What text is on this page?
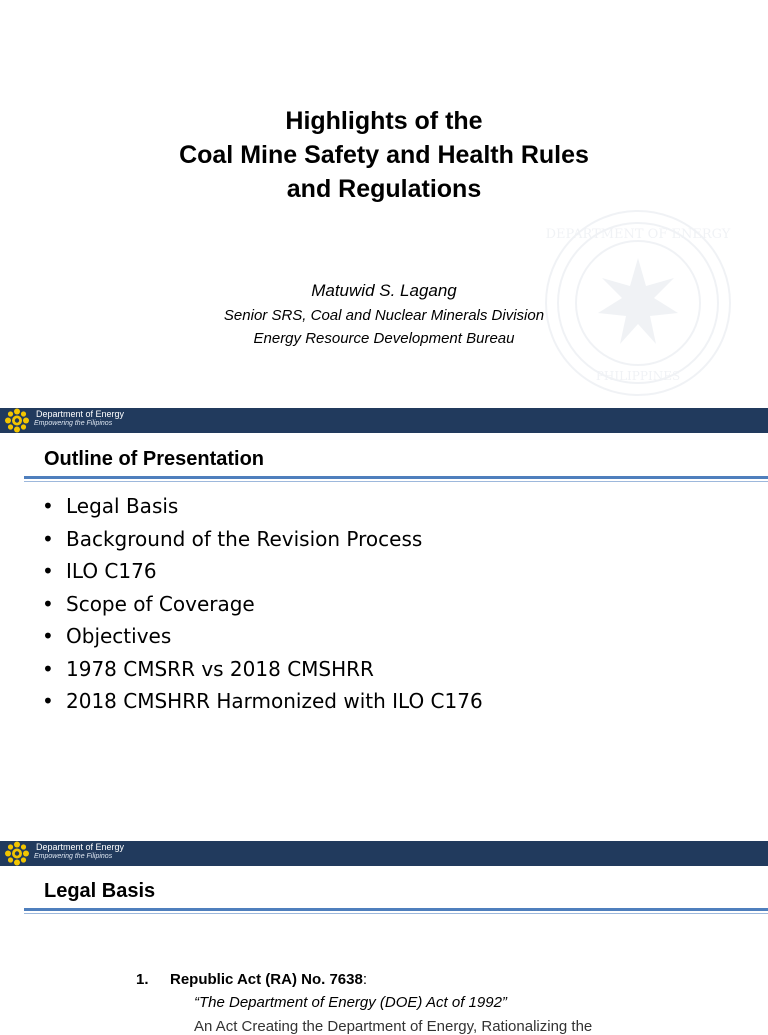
DEPARTMENT OF ENERGY
PHILIPPINES
Highlights of the
Coal Mine Safety and Health Rules
and Regulations
Matuwid S. Lagang
Senior SRS, Coal and Nuclear Minerals Division
Energy Resource Development Bureau
Department of Energy
Empowering the Filipinos
Outline of Presentation
• Legal Basis
• Background of the Revision Process
• ILO C176
• Scope of Coverage
• Objectives
• 1978 CMSRR vs 2018 CMSHRR
• 2018 CMSHRR Harmonized with ILO C176
Department of Energy
Empowering the Filipinos
Legal Basis
1. Republic Act (RA) No. 7638:
“The Department of Energy (DOE) Act of 1992”
An Act Creating the Department of Energy, Rationalizing the
